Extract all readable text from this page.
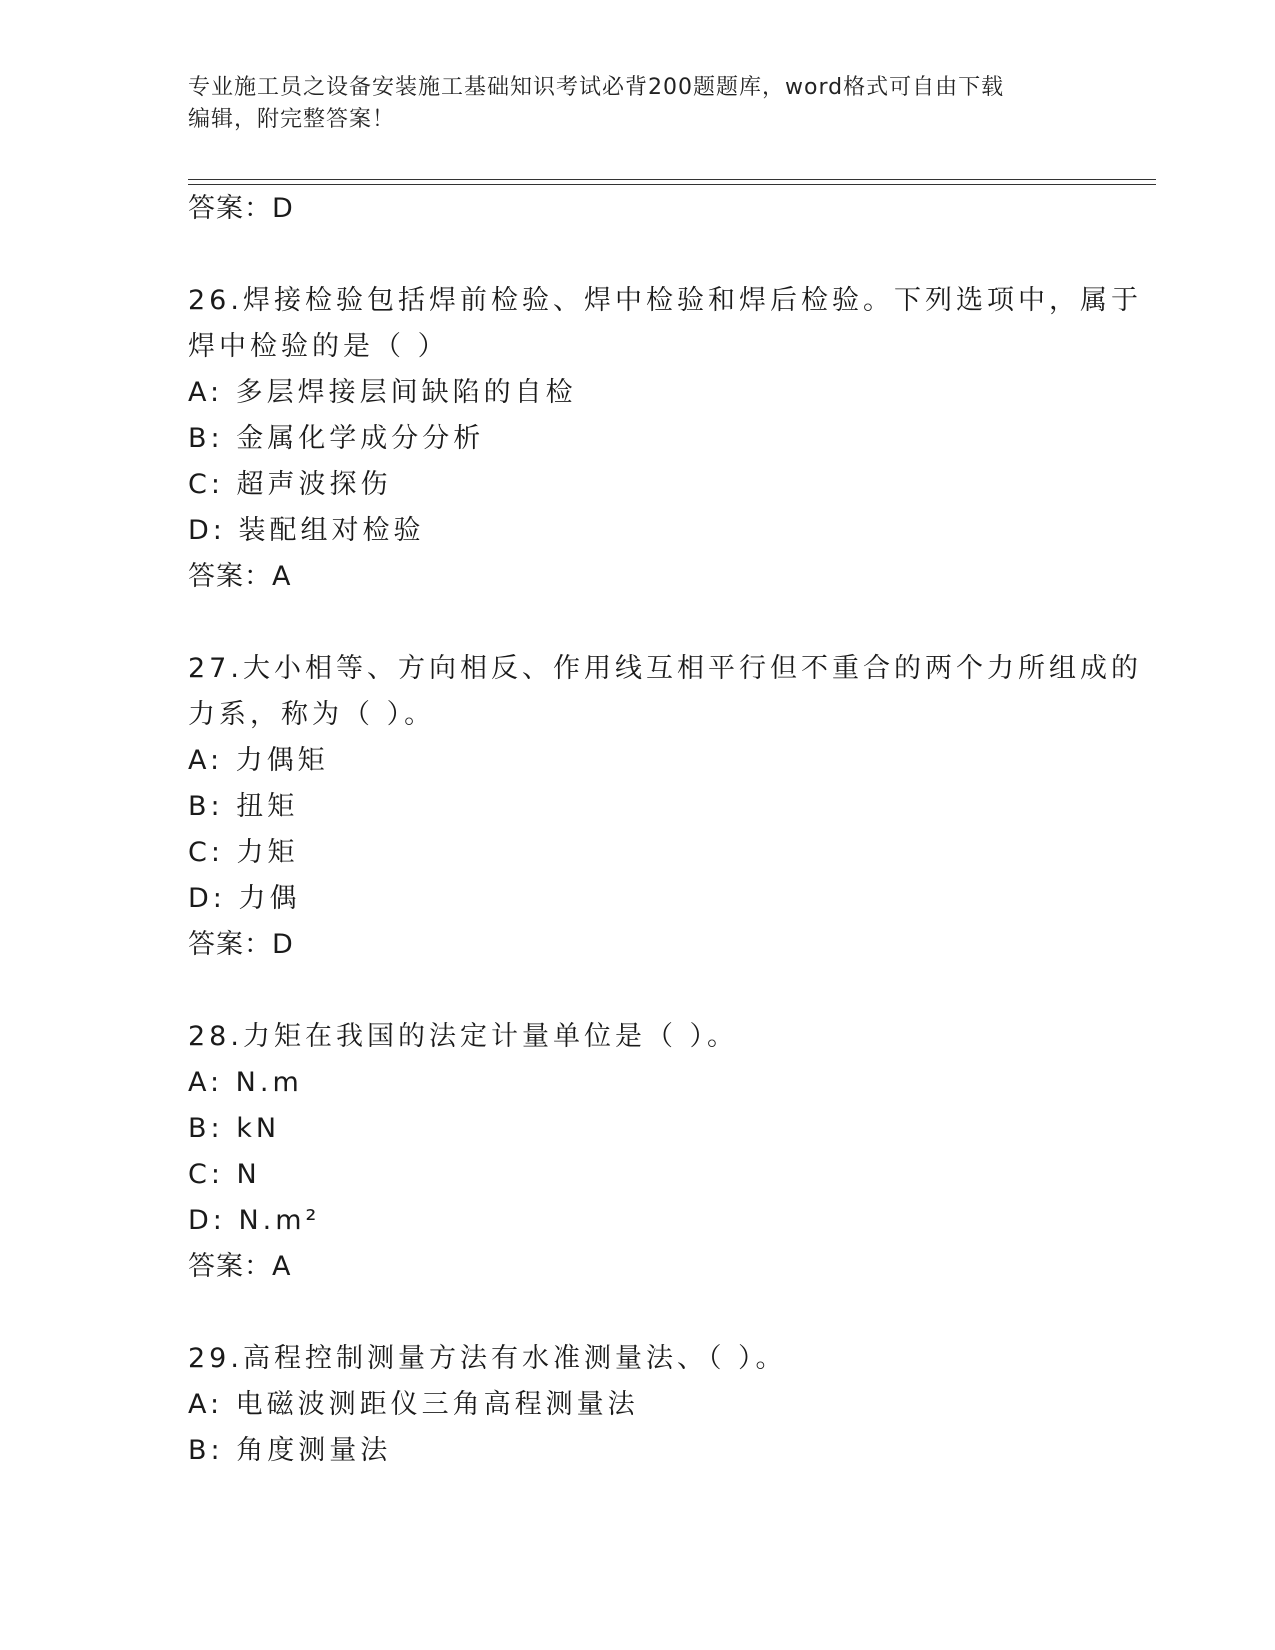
专业施工员之设备安装施工基础知识考试必背200题题库，word格式可自由下载
编辑，附完整答案！
答案：D
26.焊接检验包括焊前检验、焊中检验和焊后检验。下列选项中，属于
焊中检验的是（ ）
A: 多层焊接层间缺陷的自检
B: 金属化学成分分析
C: 超声波探伤
D: 装配组对检验
答案：A
27.大小相等、方向相反、作用线互相平行但不重合的两个力所组成的
力系，称为（ ）。
A: 力偶矩
B: 扭矩
C: 力矩
D: 力偶
答案：D
28.力矩在我国的法定计量单位是（ ）。
A: N.m
B: kN
C: N
D: N.m²
答案：A
29.高程控制测量方法有水准测量法、（ ）。
A: 电磁波测距仪三角高程测量法
B: 角度测量法
